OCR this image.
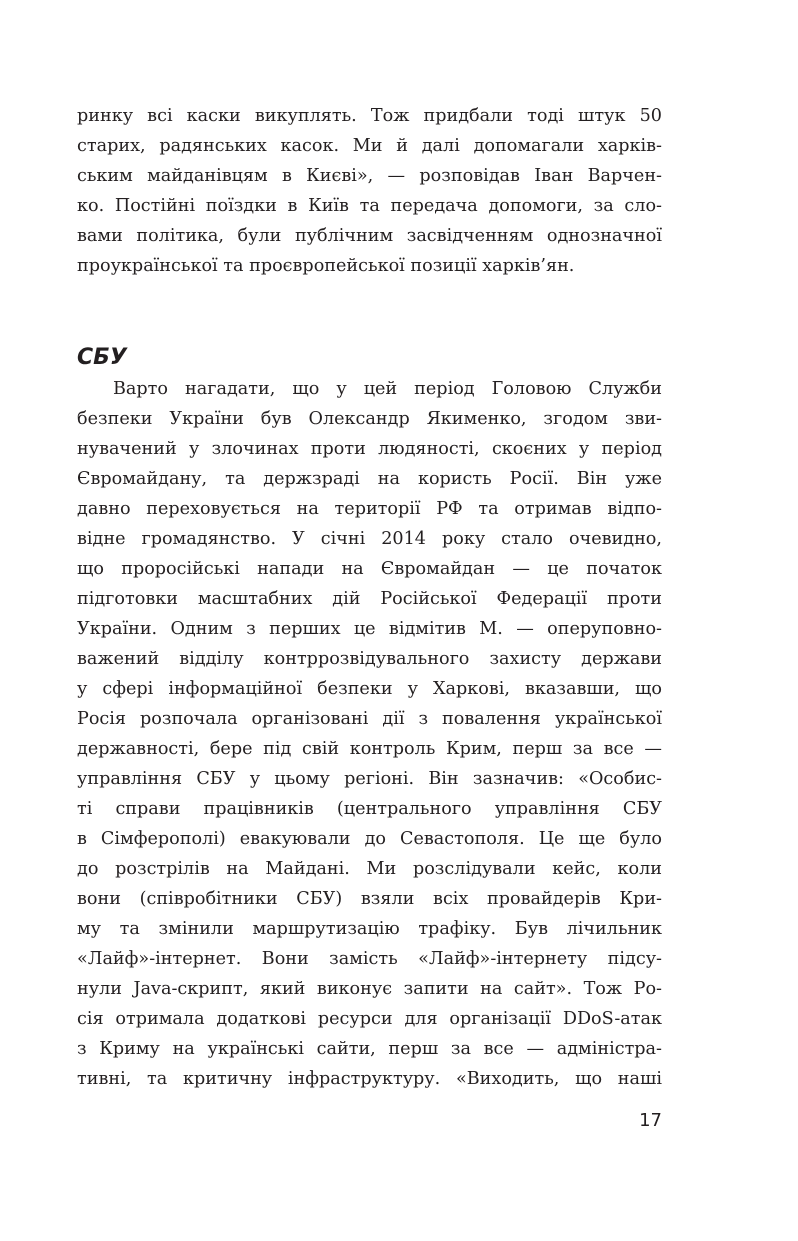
ринку всі каски викуплять. Тож придбали тоді штук 50
старих, радянських касок. Ми й далі допомагали харків-
ським майданівцям в Києві», — розповідав Іван Варчен-
ко. Постійні поїздки в Київ та передача допомоги, за сло-
вами політика, були публічним засвідченням однозначної
проукраїнської та проєвропейської позиції харків’ян.
СБУ
Варто нагадати, що у цей період Головою Служби
безпеки України був Олександр Якименко, згодом зви-
нувачений у злочинах проти людяності, скоєних у період
Євромайдану, та держзраді на користь Росії. Він уже
давно переховується на території РФ та отримав відпо-
відне громадянство. У січні 2014 року стало очевидно,
що проросійські напади на Євромайдан — це початок
підготовки масштабних дій Російської Федерації проти
України. Одним з перших це відмітив М. — оперуповно-
важений відділу контррозвідувального захисту держави
у сфері інформаційної безпеки у Харкові, вказавши, що
Росія розпочала організовані дії з повалення української
державності, бере під свій контроль Крим, перш за все —
управління СБУ у цьому регіоні. Він зазначив: «Особис-
ті справи працівників (центрального управління СБУ
в Сімферополі) евакуювали до Севастополя. Це ще було
до розстрілів на Майдані. Ми розслідували кейс, коли
вони (співробітники СБУ) взяли всіх провайдерів Кри-
му та змінили маршрутизацію трафіку. Був лічильник
«Лайф»-інтернет. Вони замість «Лайф»-інтернету підсу-
нули Java-скрипт, який виконує запити на сайт». Тож Ро-
сія отримала додаткові ресурси для організації DDoS-атак
з Криму на українські сайти, перш за все — адміністра-
тивні, та критичну інфраструктуру. «Виходить, що наші
17
